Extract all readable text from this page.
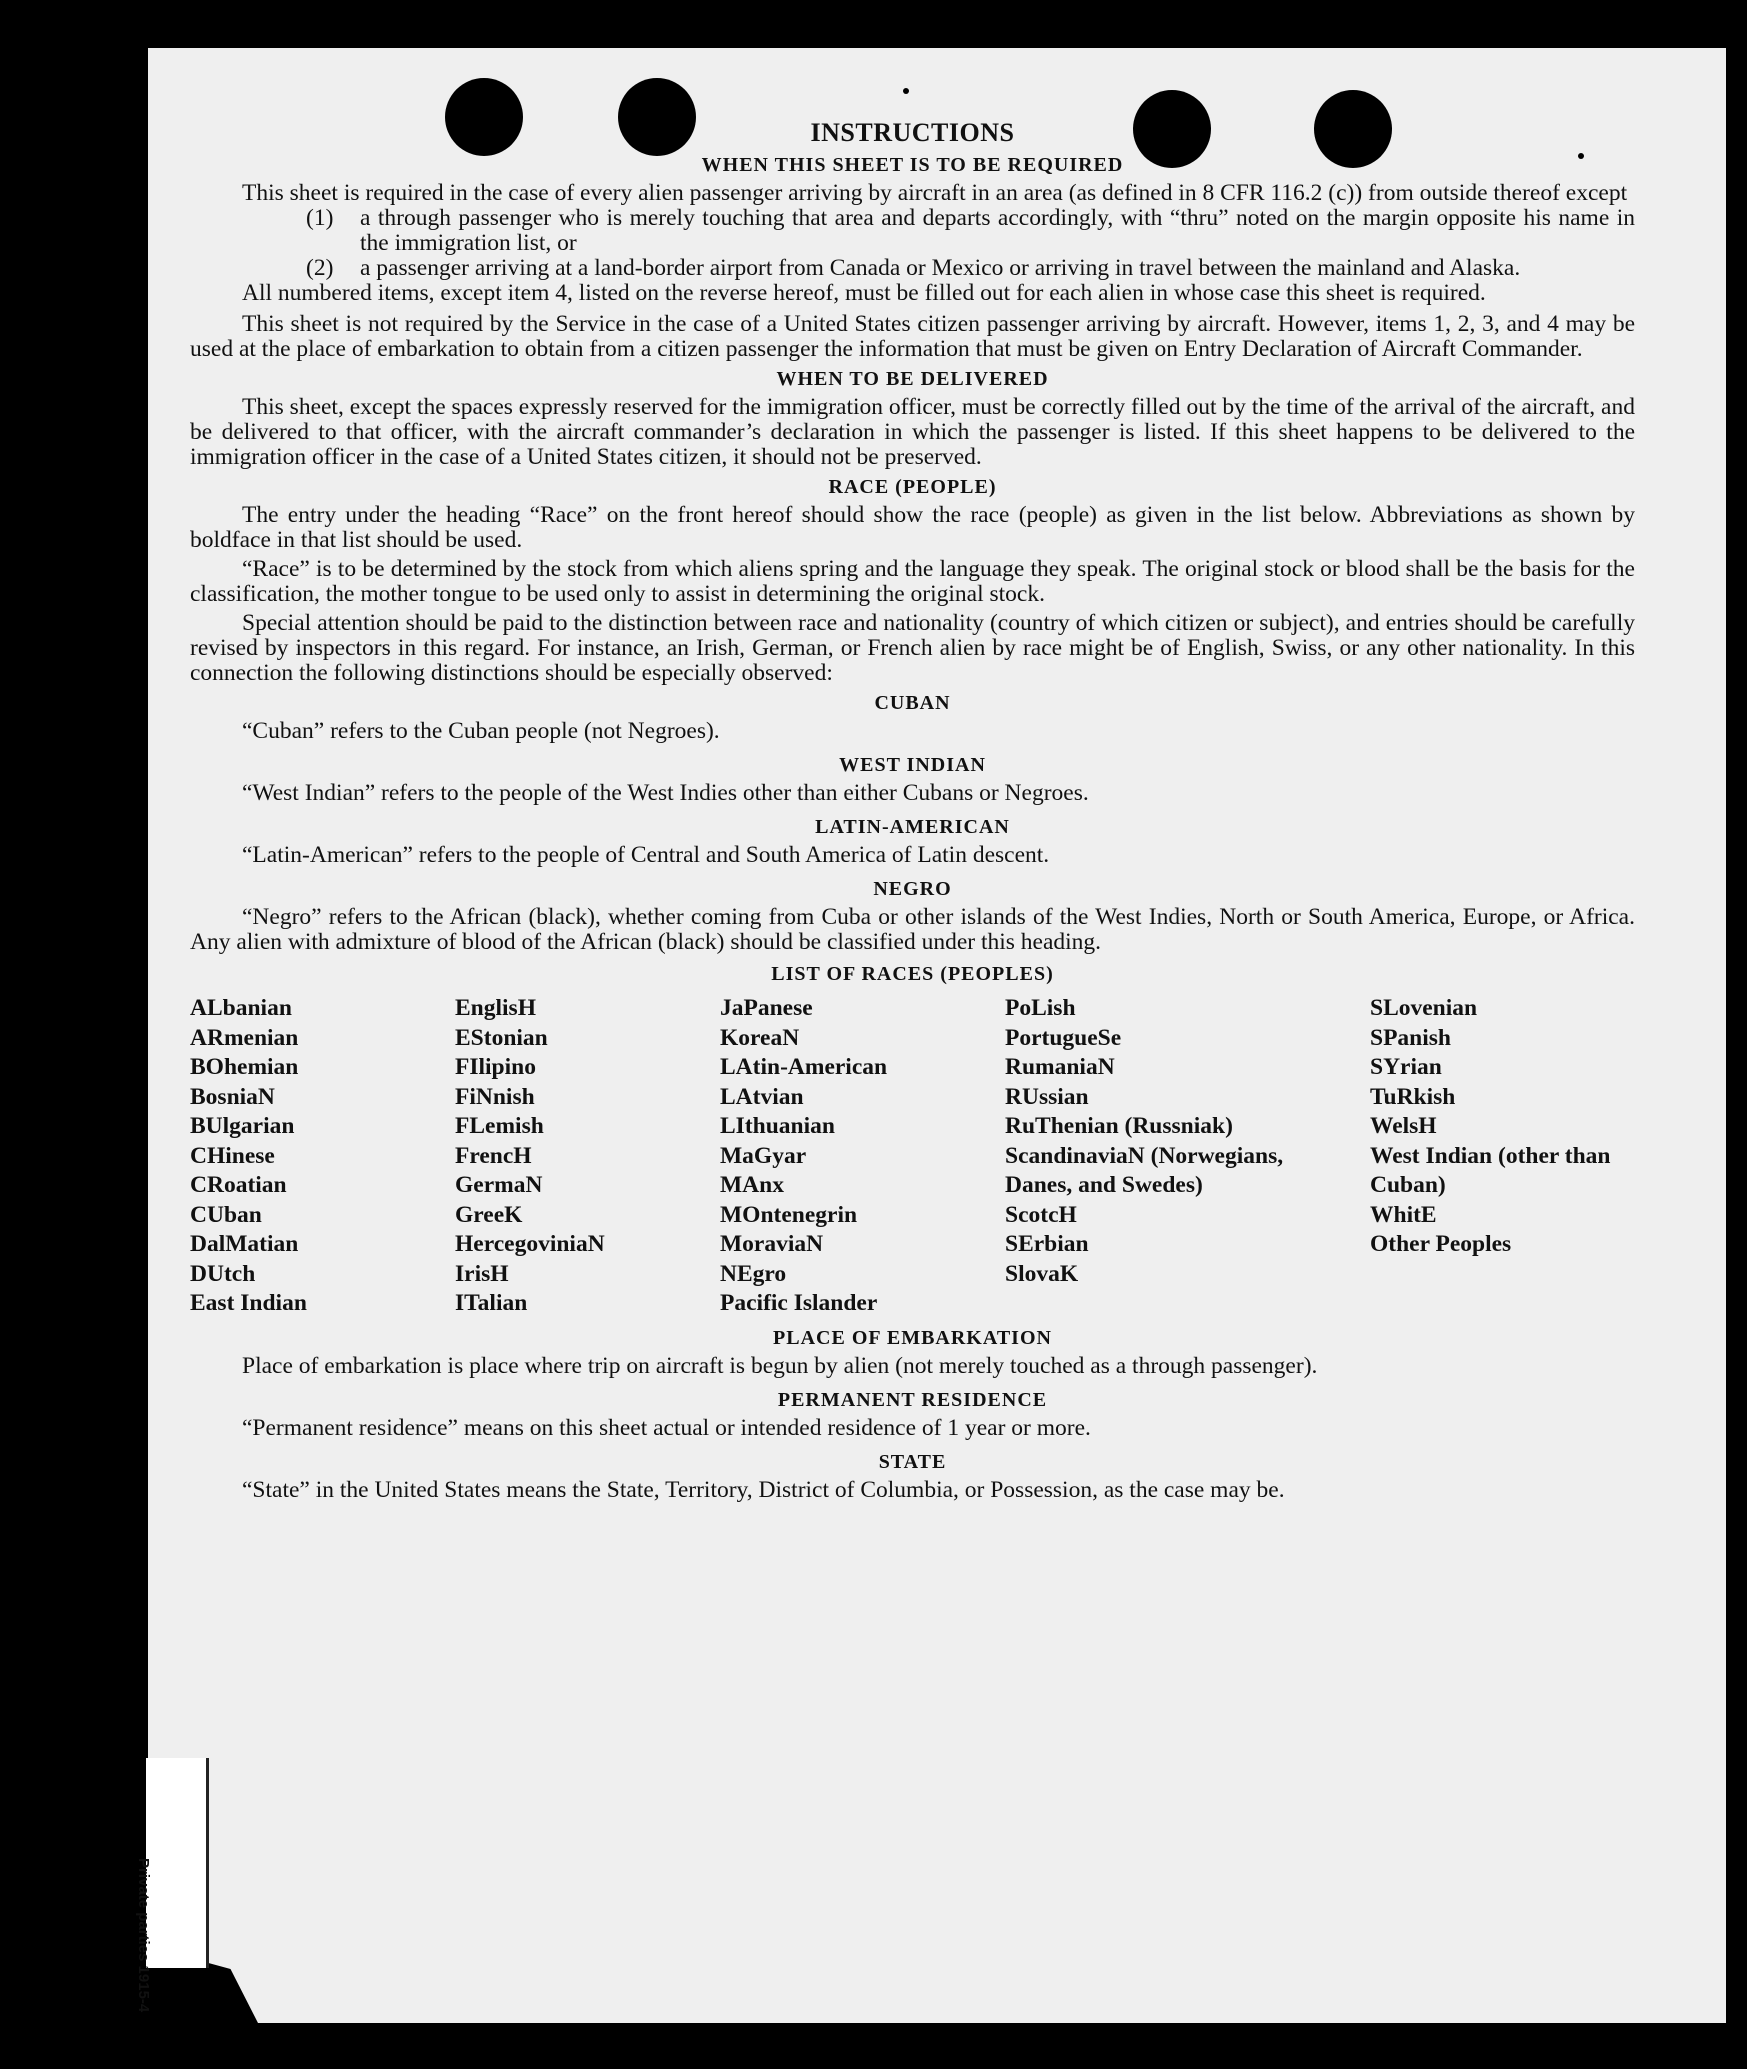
Private parties 1915-4
INSTRUCTIONS
WHEN THIS SHEET IS TO BE REQUIRED

This sheet is required in the case of every alien passenger arriving by aircraft in an area (as defined in 8 CFR 116.2 (c)) from outside thereof except

(1) a through passenger who is merely touching that area and departs accordingly, with “thru” noted on the margin opposite his name in the immigration list, or

(2) a passenger arriving at a land-border airport from Canada or Mexico or arriving in travel between the mainland and Alaska.

All numbered items, except item 4, listed on the reverse hereof, must be filled out for each alien in whose case this sheet is required.

This sheet is not required by the Service in the case of a United States citizen passenger arriving by aircraft. However, items 1, 2, 3, and 4 may be used at the place of embarkation to obtain from a citizen passenger the information that must be given on Entry Declaration of Aircraft Commander.

WHEN TO BE DELIVERED

This sheet, except the spaces expressly reserved for the immigration officer, must be correctly filled out by the time of the arrival of the aircraft, and be delivered to that officer, with the aircraft commander’s declaration in which the passenger is listed. If this sheet happens to be delivered to the immigration officer in the case of a United States citizen, it should not be preserved.

RACE (PEOPLE)

The entry under the heading “Race” on the front hereof should show the race (people) as given in the list below. Abbreviations as shown by boldface in that list should be used.

“Race” is to be determined by the stock from which aliens spring and the language they speak. The original stock or blood shall be the basis for the classification, the mother tongue to be used only to assist in determining the original stock.

Special attention should be paid to the distinction between race and nationality (country of which citizen or subject), and entries should be carefully revised by inspectors in this regard. For instance, an Irish, German, or French alien by race might be of English, Swiss, or any other nationality. In this connection the following distinctions should be especially observed:

CUBAN

“Cuban” refers to the Cuban people (not Negroes).

WEST INDIAN

“West Indian” refers to the people of the West Indies other than either Cubans or Negroes.

LATIN-AMERICAN

“Latin-American” refers to the people of Central and South America of Latin descent.

NEGRO

“Negro” refers to the African (black), whether coming from Cuba or other islands of the West Indies, North or South America, Europe, or Africa. Any alien with admixture of blood of the African (black) should be classified under this heading.

LIST OF RACES (PEOPLES)
ALbanian
ARmenian
BOhemian
BosniaN
BUlgarian
CHinese
CRoatian
CUban
DalMatian
DUtch
East Indian
EnglisH
EStonian
FIlipino
FiNnish
FLemish
FrencH
GermaN
GreeK
HercegoviniaN
IrisH
ITalian
JaPanese
KoreaN
LAtin-American
LAtvian
LIthuanian
MaGyar
MAnx
MOntenegrin
MoraviaN
NEgro
Pacific Islander
PoLish
PortugueSe
RumaniaN
RUssian
RuThenian (Russniak)
ScandinaviaN (Norwegians, Danes, and Swedes)
ScotcH
SErbian
SlovaK
SLovenian
SPanish
SYrian
TuRkish
WelsH
West Indian (other than Cuban)
WhitE
Other Peoples
PLACE OF EMBARKATION

Place of embarkation is place where trip on aircraft is begun by alien (not merely touched as a through passenger).

PERMANENT RESIDENCE

“Permanent residence” means on this sheet actual or intended residence of 1 year or more.

STATE

“State” in the United States means the State, Territory, District of Columbia, or Possession, as the case may be.
